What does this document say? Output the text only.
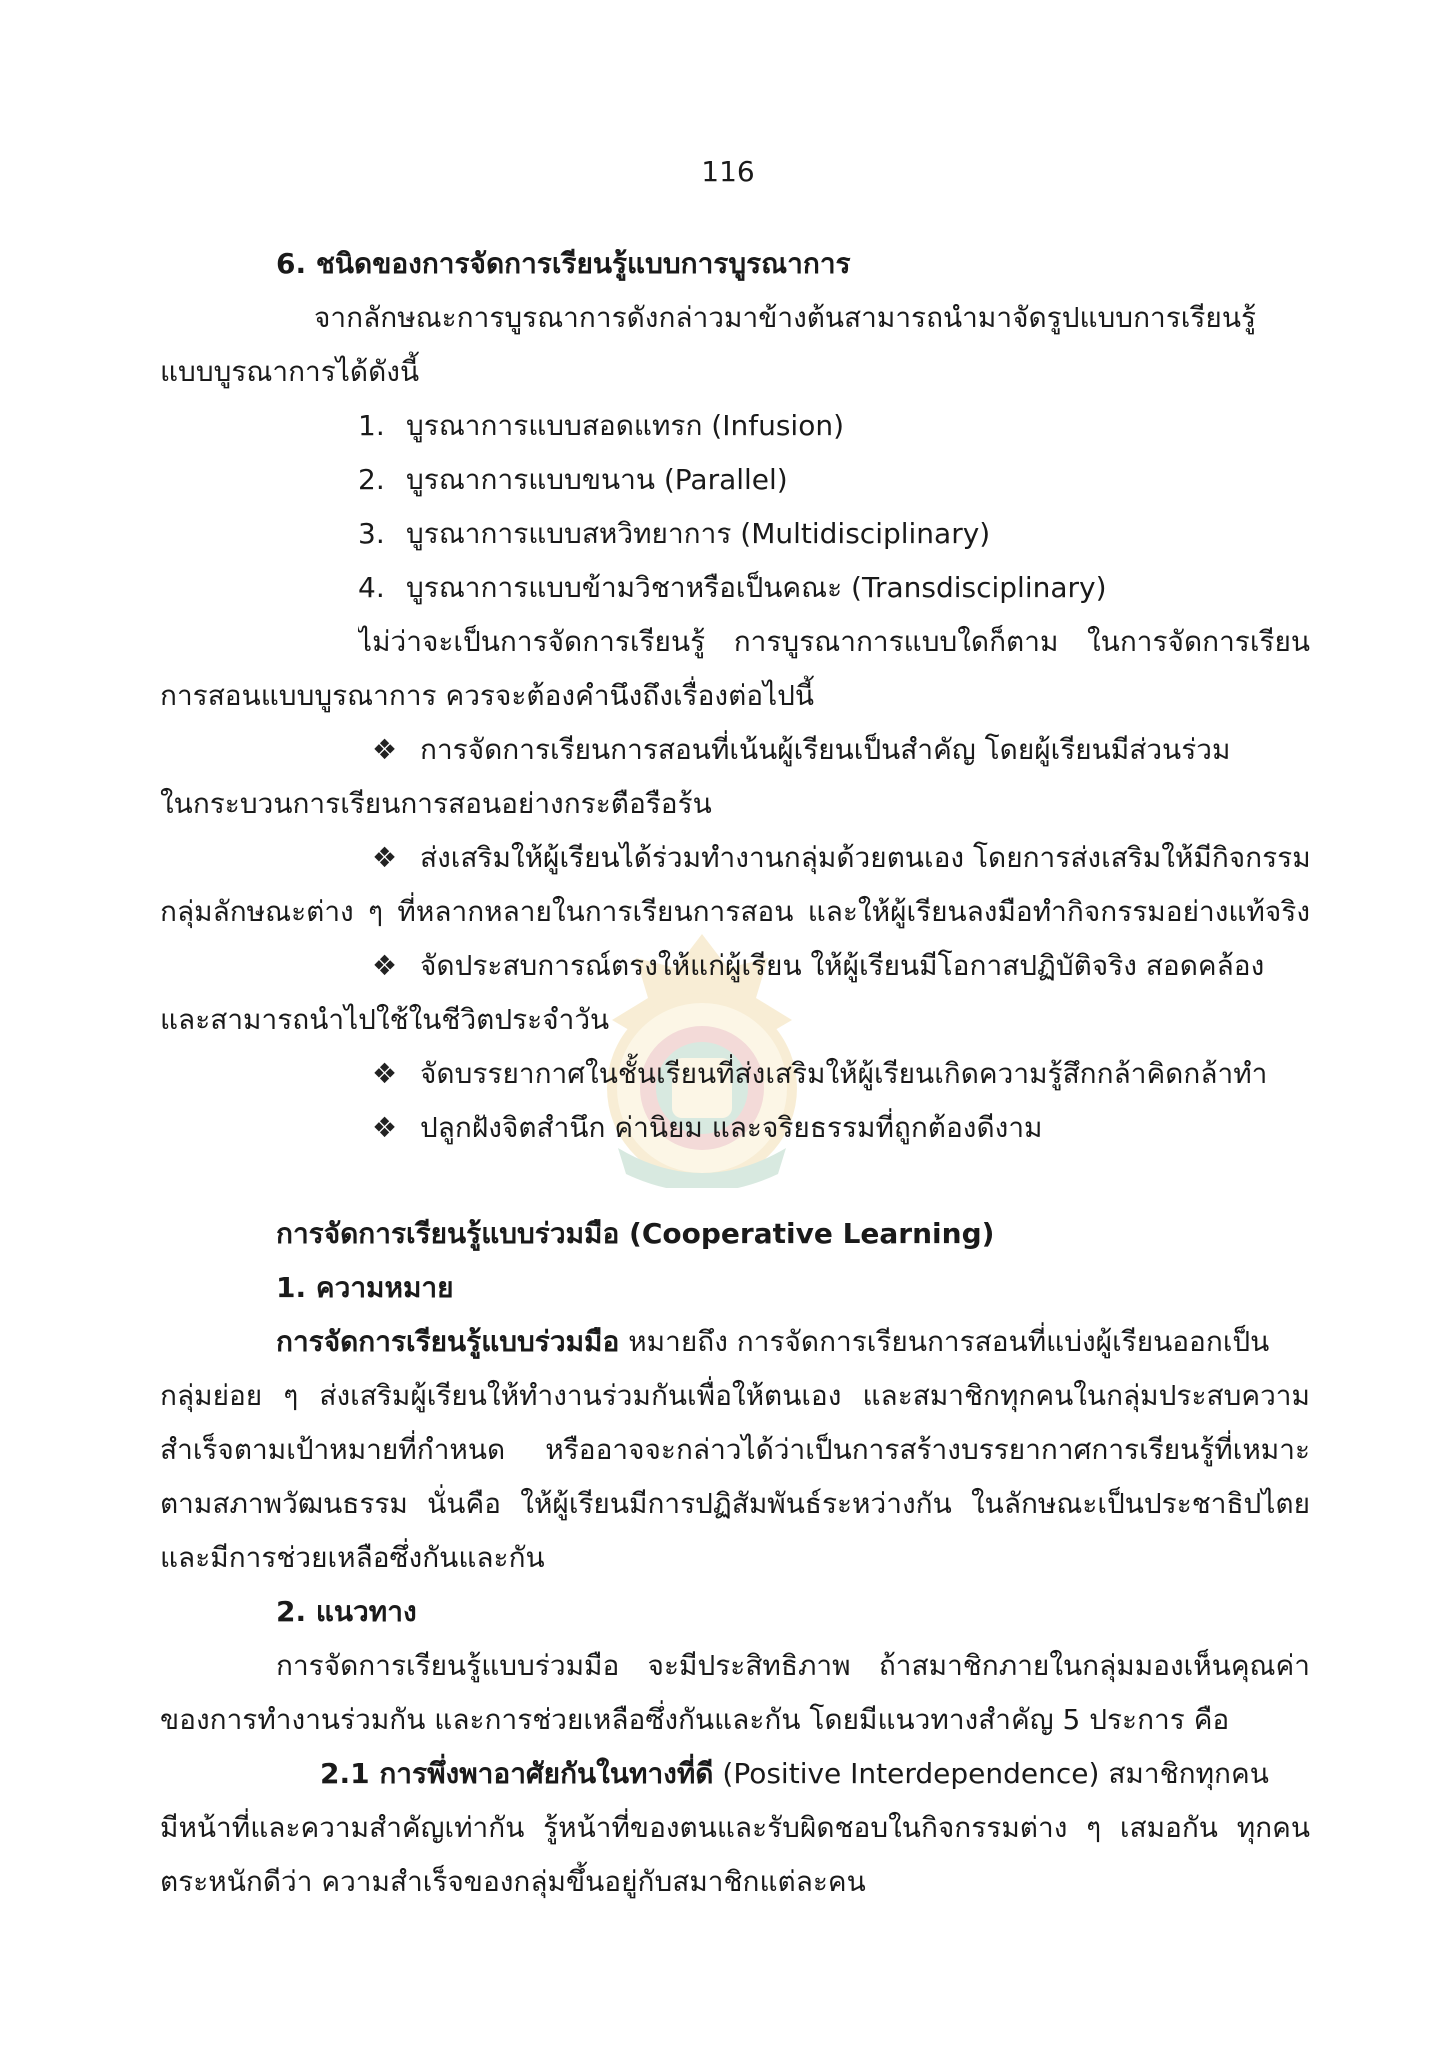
116
6. ชนิดของการจัดการเรียนรู้แบบการบูรณาการ
จากลักษณะการบูรณาการดังกล่าวมาข้างต้นสามารถนำมาจัดรูปแบบการเรียนรู้
แบบบูรณาการได้ดังนี้
1. บูรณาการแบบสอดแทรก (Infusion)
2. บูรณาการแบบขนาน (Parallel)
3. บูรณาการแบบสหวิทยาการ (Multidisciplinary)
4. บูรณาการแบบข้ามวิชาหรือเป็นคณะ (Transdisciplinary)
ไม่ว่าจะเป็นการจัดการเรียนรู้ การบูรณาการแบบใดก็ตาม ในการจัดการเรียน
การสอนแบบบูรณาการ ควรจะต้องคำนึงถึงเรื่องต่อไปนี้
❖ การจัดการเรียนการสอนที่เน้นผู้เรียนเป็นสำคัญ โดยผู้เรียนมีส่วนร่วม
ในกระบวนการเรียนการสอนอย่างกระตือรือร้น
❖ ส่งเสริมให้ผู้เรียนได้ร่วมทำงานกลุ่มด้วยตนเอง โดยการส่งเสริมให้มีกิจกรรม
กลุ่มลักษณะต่าง ๆ ที่หลากหลายในการเรียนการสอน และให้ผู้เรียนลงมือทำกิจกรรมอย่างแท้จริง
❖ จัดประสบการณ์ตรงให้แก่ผู้เรียน ให้ผู้เรียนมีโอกาสปฏิบัติจริง สอดคล้อง
และสามารถนำไปใช้ในชีวิตประจำวัน
❖ จัดบรรยากาศในชั้นเรียนที่ส่งเสริมให้ผู้เรียนเกิดความรู้สึกกล้าคิดกล้าทำ
❖ ปลูกฝังจิตสำนึก ค่านิยม และจริยธรรมที่ถูกต้องดีงาม
การจัดการเรียนรู้แบบร่วมมือ (Cooperative Learning)
1. ความหมาย
การจัดการเรียนรู้แบบร่วมมือ หมายถึง การจัดการเรียนการสอนที่แบ่งผู้เรียนออกเป็น
กลุ่มย่อย ๆ ส่งเสริมผู้เรียนให้ทำงานร่วมกันเพื่อให้ตนเอง และสมาชิกทุกคนในกลุ่มประสบความ
สำเร็จตามเป้าหมายที่กำหนด หรืออาจจะกล่าวได้ว่าเป็นการสร้างบรรยากาศการเรียนรู้ที่เหมาะ
ตามสภาพวัฒนธรรม นั่นคือ ให้ผู้เรียนมีการปฏิสัมพันธ์ระหว่างกัน ในลักษณะเป็นประชาธิปไตย
และมีการช่วยเหลือซึ่งกันและกัน
2. แนวทาง
การจัดการเรียนรู้แบบร่วมมือ จะมีประสิทธิภาพ ถ้าสมาชิกภายในกลุ่มมองเห็นคุณค่า
ของการทำงานร่วมกัน และการช่วยเหลือซึ่งกันและกัน โดยมีแนวทางสำคัญ 5 ประการ คือ
2.1 การพึ่งพาอาศัยกันในทางที่ดี (Positive Interdependence) สมาชิกทุกคน
มีหน้าที่และความสำคัญเท่ากัน รู้หน้าที่ของตนและรับผิดชอบในกิจกรรมต่าง ๆ เสมอกัน ทุกคน
ตระหนักดีว่า ความสำเร็จของกลุ่มขึ้นอยู่กับสมาชิกแต่ละคน
